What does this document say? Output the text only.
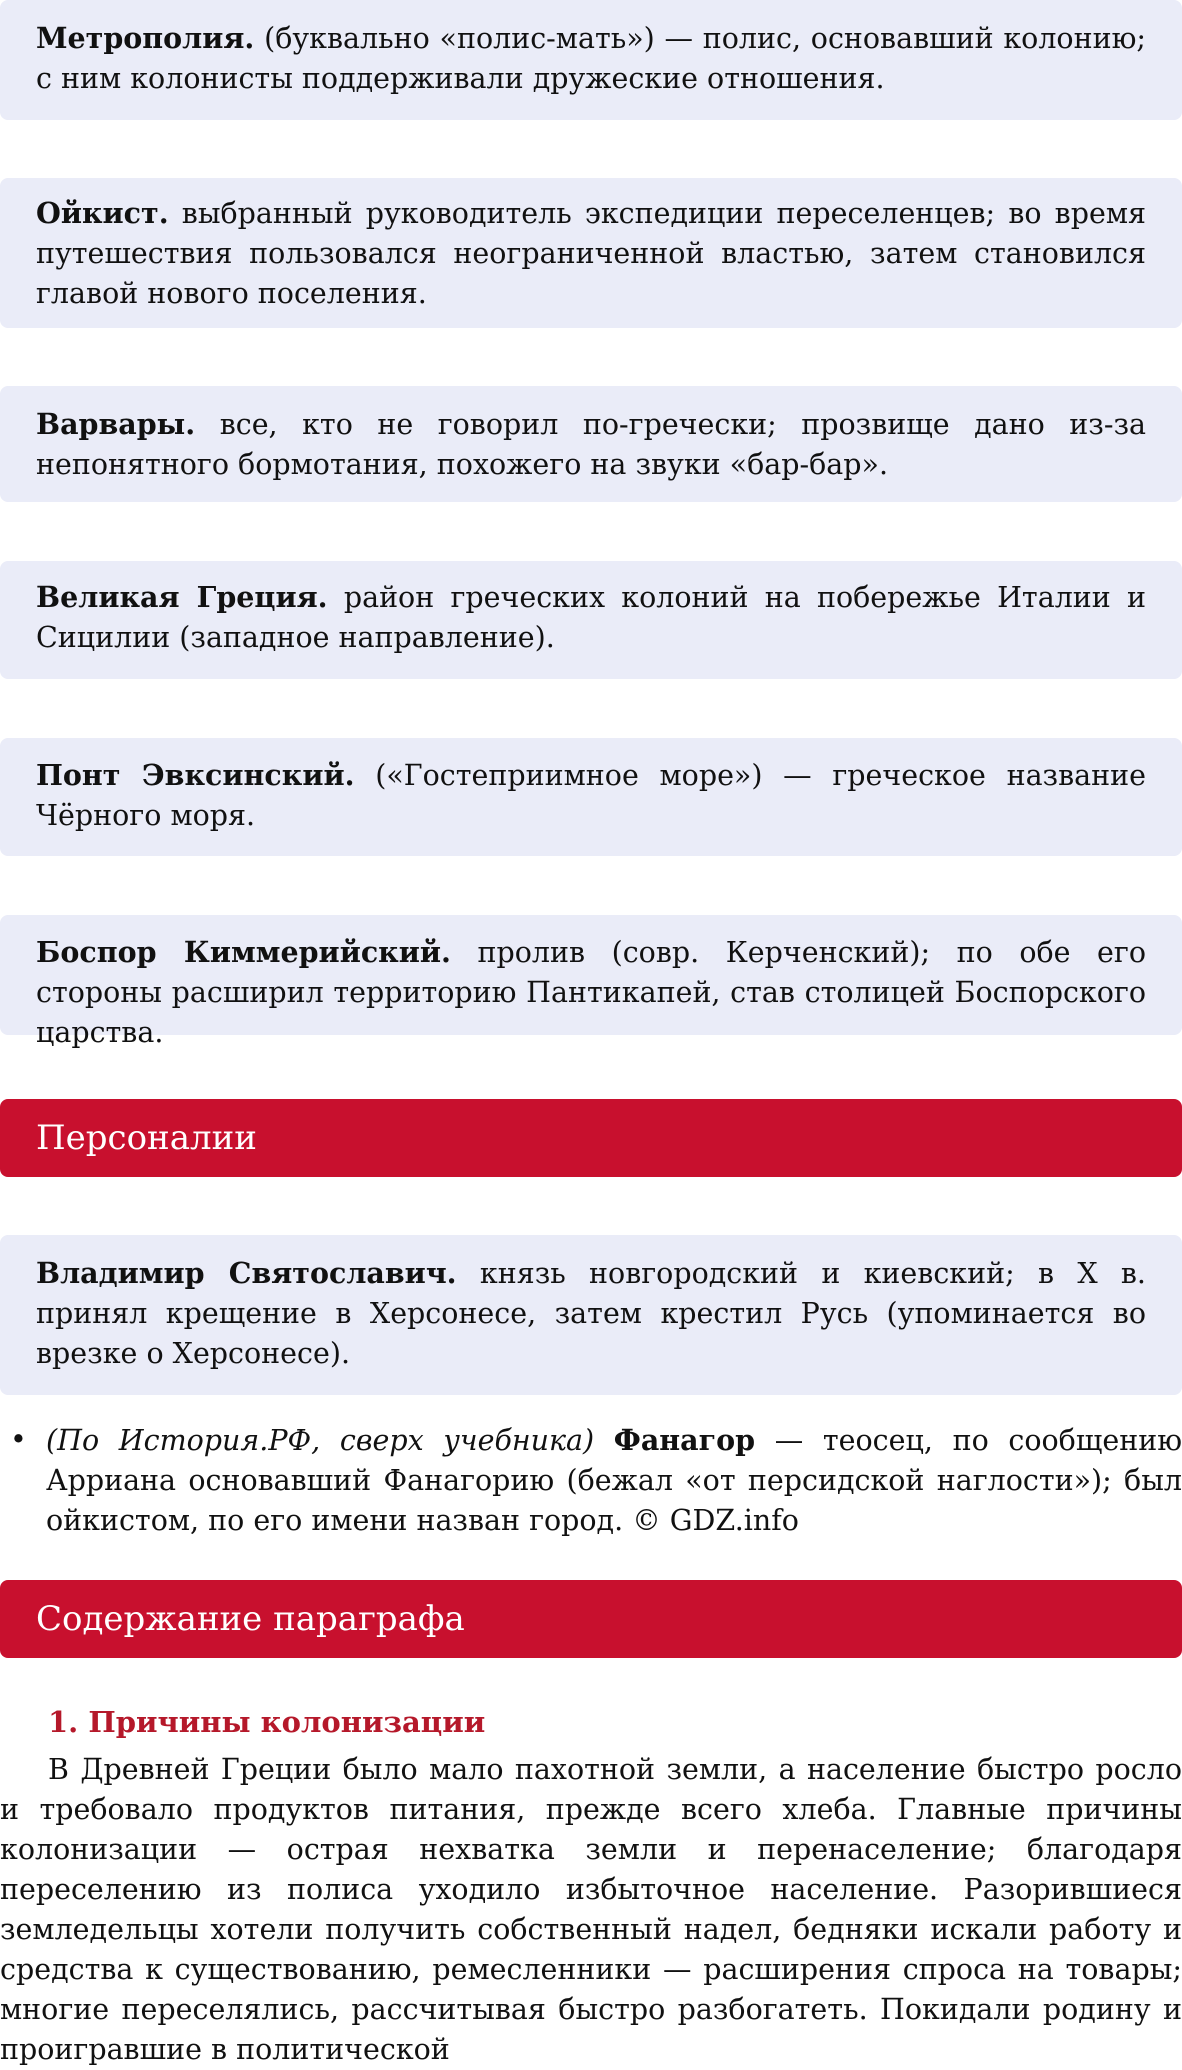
Метрополия. (буквально «полис-мать») — полис, основавший колонию; с ним колонисты поддерживали дружеские отношения.

Ойкист. выбранный руководитель экспедиции переселенцев; во время путешествия пользовался неограниченной властью, затем становился главой нового поселения.

Варвары. все, кто не говорил по-гречески; прозвище дано из-за непонятного бормотания, похожего на звуки «бар-бар».

Великая Греция. район греческих колоний на побережье Италии и Сицилии (западное направление).

Понт Эвксинский. («Гостеприимное море») — греческое название Чёрного моря.

Боспор Киммерийский. пролив (совр. Керченский); по обе его стороны расширил территорию Пантикапей, став столицей Боспорского царства.

Персоналии

Владимир Святославич. князь новгородский и киевский; в X в. принял крещение в Херсонесе, затем крестил Русь (упоминается во врезке о Херсонесе).

• (По История.РФ, сверх учебника) Фанагор — теосец, по сообщению Арриана основавший Фанагорию (бежал «от персидской наглости»); был ойкистом, по его имени назван город. © GDZ.info
Содержание параграфа
1. Причины колонизации

В Древней Греции было мало пахотной земли, а население быстро росло и требовало продуктов питания, прежде всего хлеба. Главные причины колонизации — острая нехватка земли и перенаселение; благодаря переселению из полиса уходило избыточное население. Разорившиеся земледельцы хотели получить собственный надел, бедняки искали работу и средства к существованию, ремесленники — расширения спроса на товары; многие переселялись, рассчитывая быстро разбогатеть. Покидали родину и проигравшие в политической
